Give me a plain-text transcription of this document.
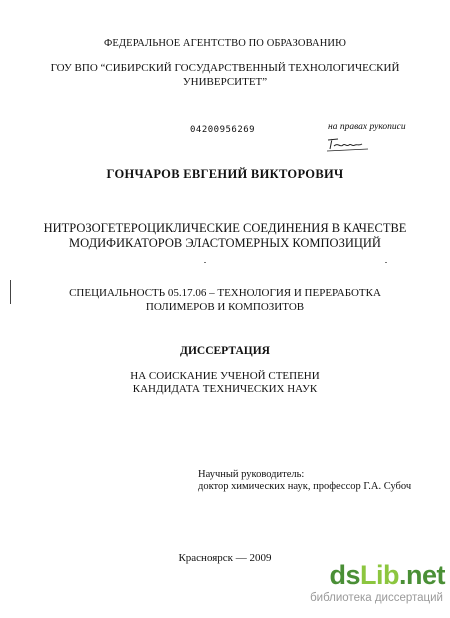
ФЕДЕРАЛЬНОЕ АГЕНТСТВО ПО ОБРАЗОВАНИЮ
ГОУ ВПО “СИБИРСКИЙ ГОСУДАРСТВЕННЫЙ ТЕХНОЛОГИЧЕСКИЙ
УНИВЕРСИТЕТ”
04200956269	на правах рукописи
ГОНЧАРОВ ЕВГЕНИЙ ВИКТОРОВИЧ
НИТРОЗОГЕТЕРОЦИКЛИЧЕСКИЕ СОЕДИНЕНИЯ В КАЧЕСТВЕ
МОДИФИКАТОРОВ ЭЛАСТОМЕРНЫХ КОМПОЗИЦИЙ
СПЕЦИАЛЬНОСТЬ 05.17.06 – ТЕХНОЛОГИЯ И ПЕРЕРАБОТКА
ПОЛИМЕРОВ И КОМПОЗИТОВ
ДИССЕРТАЦИЯ
НА СОИСКАНИЕ УЧЕНОЙ СТЕПЕНИ
КАНДИДАТА ТЕХНИЧЕСКИХ НАУК
Научный руководитель:
доктор химических наук, профессор Г.А. Субоч
Красноярск — 2009
dsLib.net
библиотека диссертаций
